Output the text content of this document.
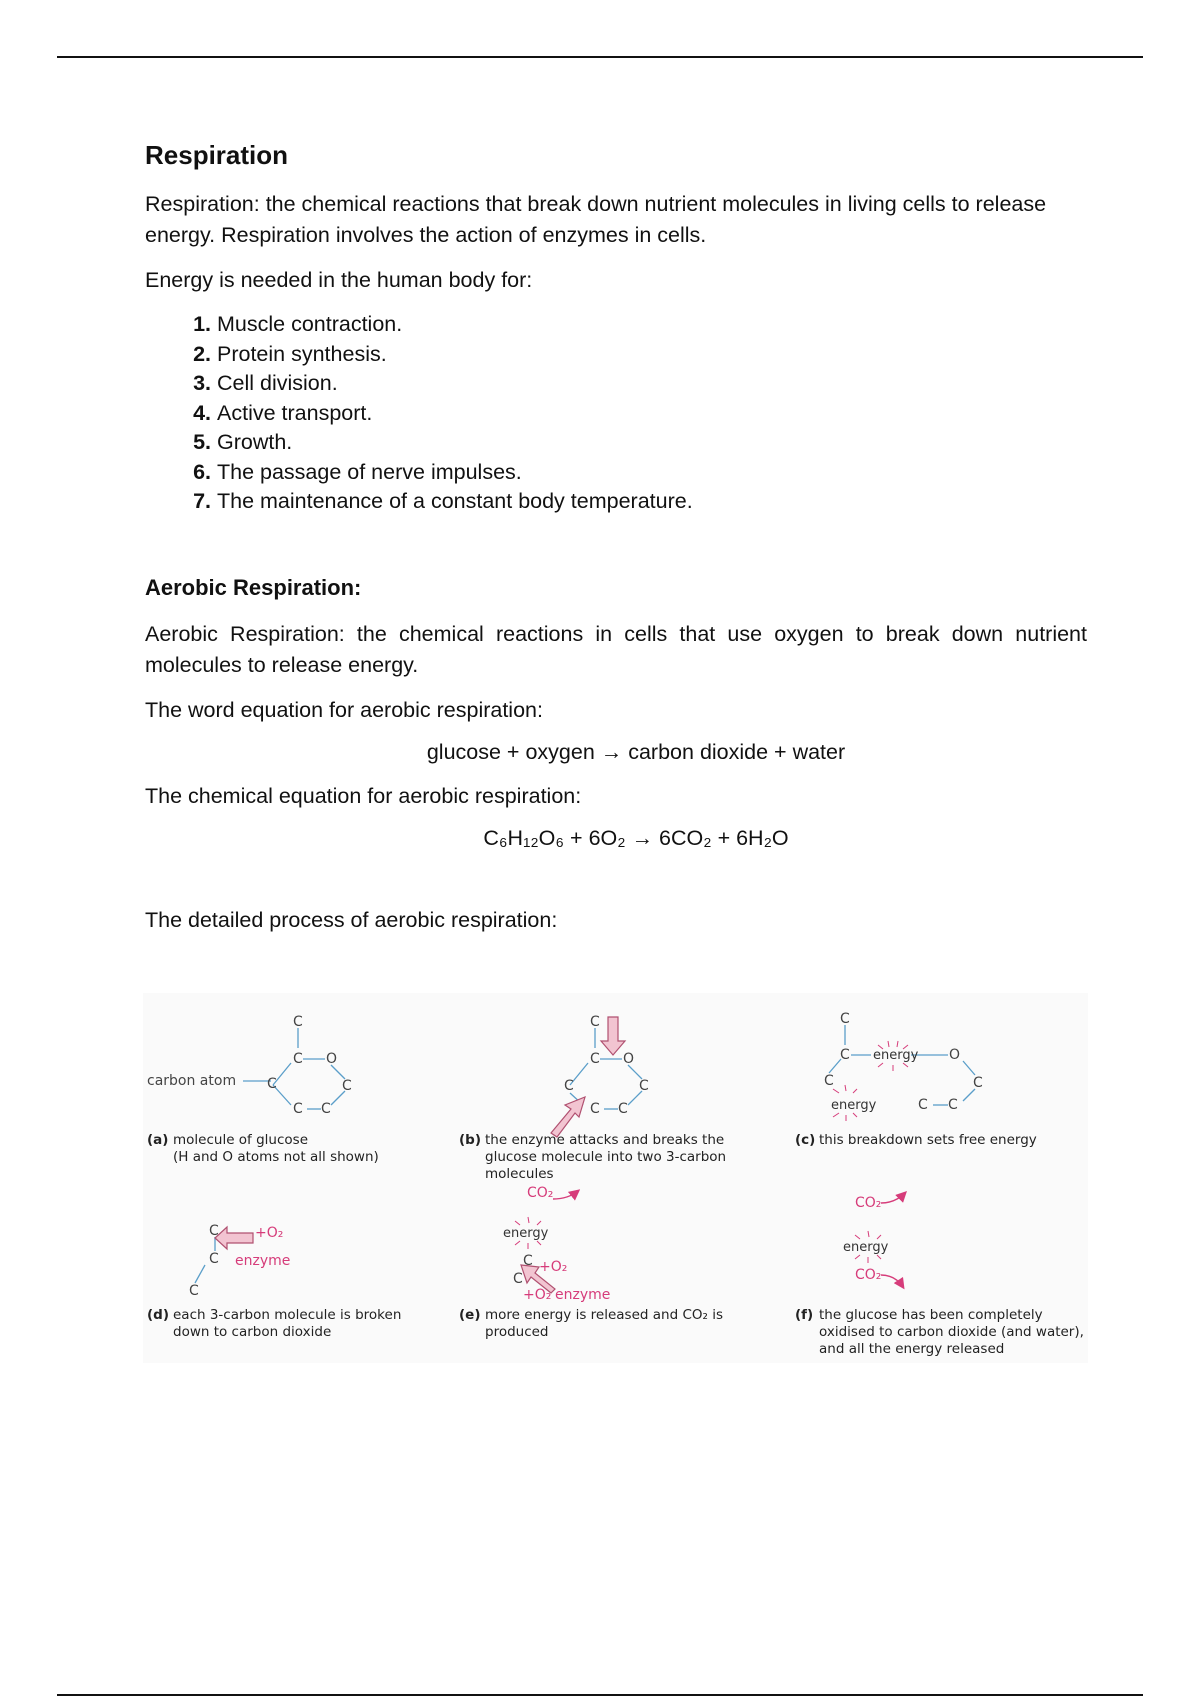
Respiration

Respiration: the chemical reactions that break down nutrient molecules in living cells to release energy. Respiration involves the action of enzymes in cells.

Energy is needed in the human body for:

1. Muscle contraction.
2. Protein synthesis.
3. Cell division.
4. Active transport.
5. Growth.
6. The passage of nerve impulses.
7. The maintenance of a constant body temperature.
Aerobic Respiration:

Aerobic Respiration: the chemical reactions in cells that use oxygen to break down nutrient molecules to release energy.

The word equation for aerobic respiration:

glucose + oxygen → carbon dioxide + water

The chemical equation for aerobic respiration:

C₆H₁₂O₆ + 6O₂ → 6CO₂ + 6H₂O

The detailed process of aerobic respiration:

C
C O
C
C
C
C
carbon atom
(a) molecule of glucose
(H and O atoms not all shown)
C
C O
C
C
C
C
(b) the enzyme attacks and breaks the
glucose molecule into two 3-carbon
molecules
C
C energy O
C
C
energy	C
C
(c) this breakdown sets free energy
C
C
C
+O₂
enzyme
(d) each 3-carbon molecule is broken
down to carbon dioxide
CO₂
energy
C
C
+O₂
+O₂ enzyme
(e) more energy is released and CO₂ is
produced
CO₂
energy
CO₂
(f) the glucose has been completely
oxidised to carbon dioxide (and water),
and all the energy released
